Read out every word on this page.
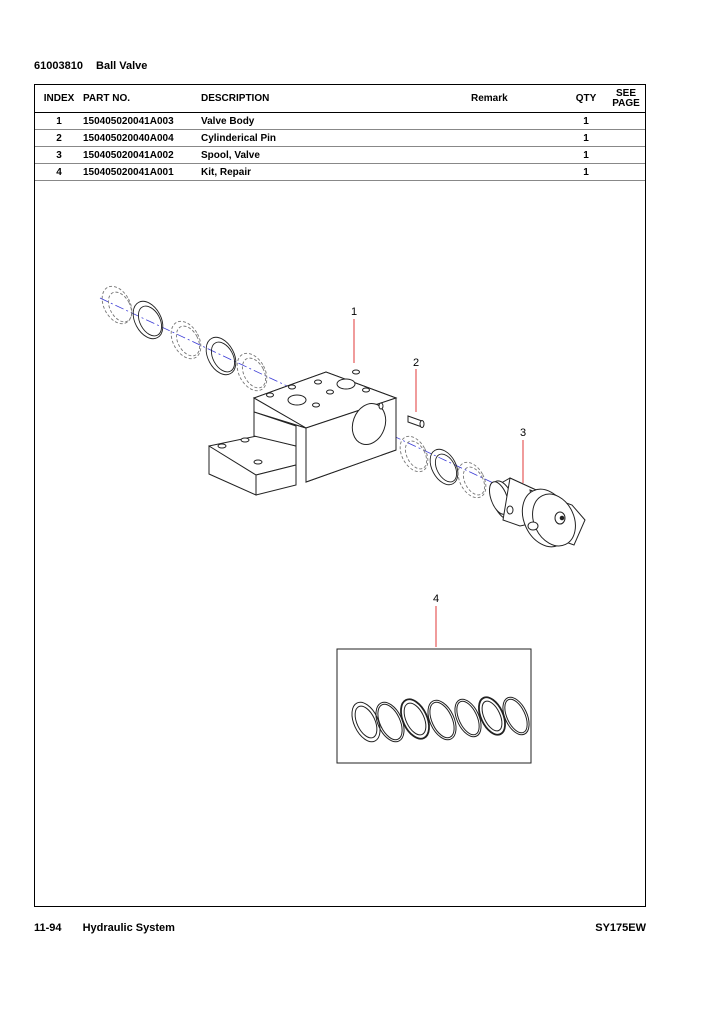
61003810 Ball Valve
INDEX	PART NO.	DESCRIPTION	Remark	QTY	SEE
PAGE

1	150405020041A003	Valve Body		1	
2	150405020040A004	Cylinderical Pin		1	
3	150405020041A002	Spool, Valve		1	
4	150405020041A001	Kit, Repair		1	
1
2
3
4
11-94 Hydraulic System	SY175EW
